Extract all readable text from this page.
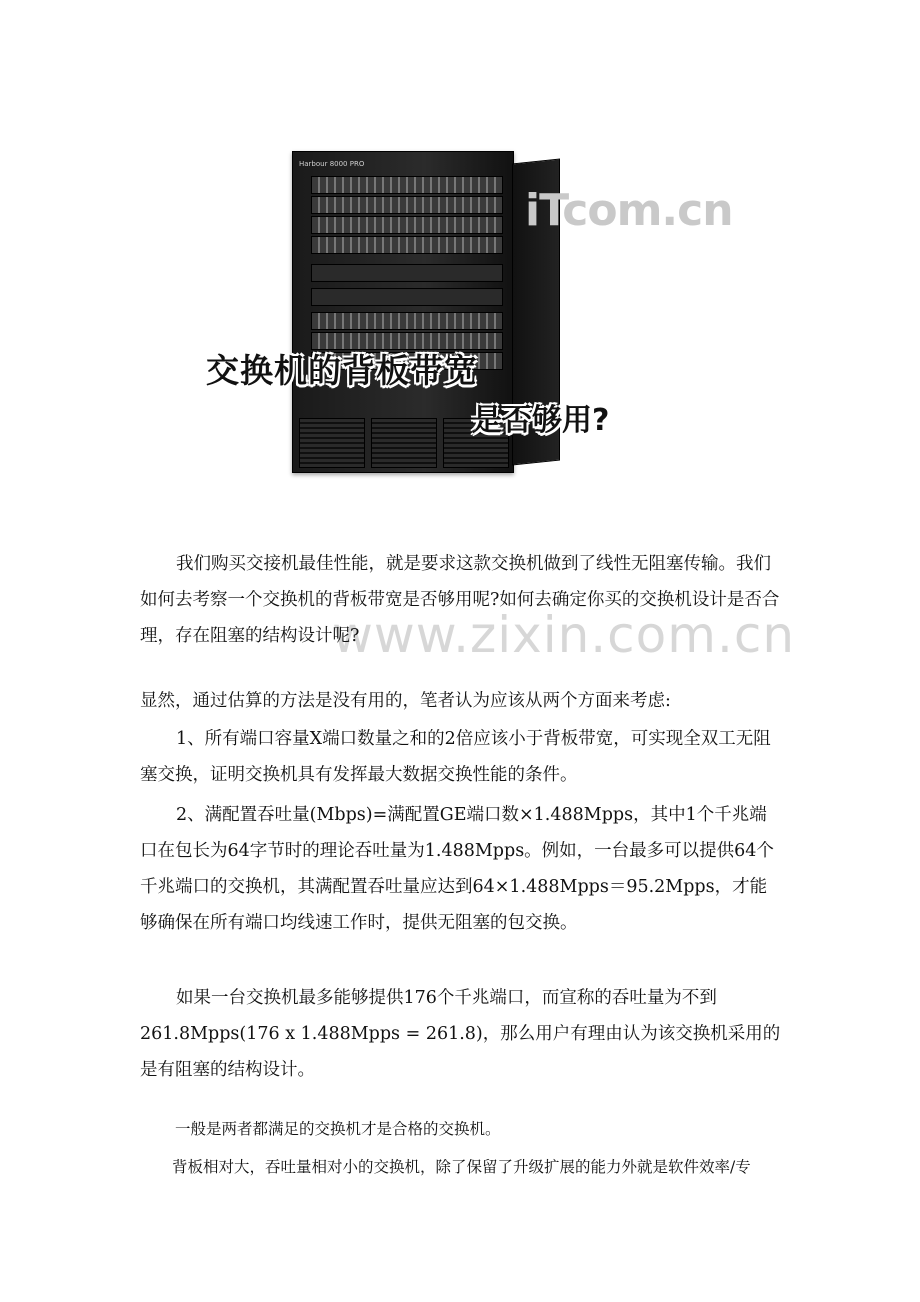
Harbour 8000 PRO
iTcom.cn
交换机的背板带宽
是否够用?
www.zixin.com.cn
我们购买交接机最佳性能，就是要求这款交换机做到了线性无阻塞传输。我们如何去考察一个交换机的背板带宽是否够用呢?如何去确定你买的交换机设计是否合理，存在阻塞的结构设计呢?
显然，通过估算的方法是没有用的，笔者认为应该从两个方面来考虑:
1、所有端口容量X端口数量之和的2倍应该小于背板带宽，可实现全双工无阻塞交换，证明交换机具有发挥最大数据交换性能的条件。
2、满配置吞吐量(Mbps)=满配置GE端口数×1.488Mpps，其中1个千兆端口在包长为64字节时的理论吞吐量为1.488Mpps。例如，一台最多可以提供64个千兆端口的交换机，其满配置吞吐量应达到64×1.488Mpps＝95.2Mpps，才能够确保在所有端口均线速工作时，提供无阻塞的包交换。
如果一台交换机最多能够提供176个千兆端口，而宣称的吞吐量为不到261.8Mpps(176 x 1.488Mpps = 261.8)，那么用户有理由认为该交换机采用的是有阻塞的结构设计。
一般是两者都满足的交换机才是合格的交换机。
背板相对大，吞吐量相对小的交换机，除了保留了升级扩展的能力外就是软件效率/专
